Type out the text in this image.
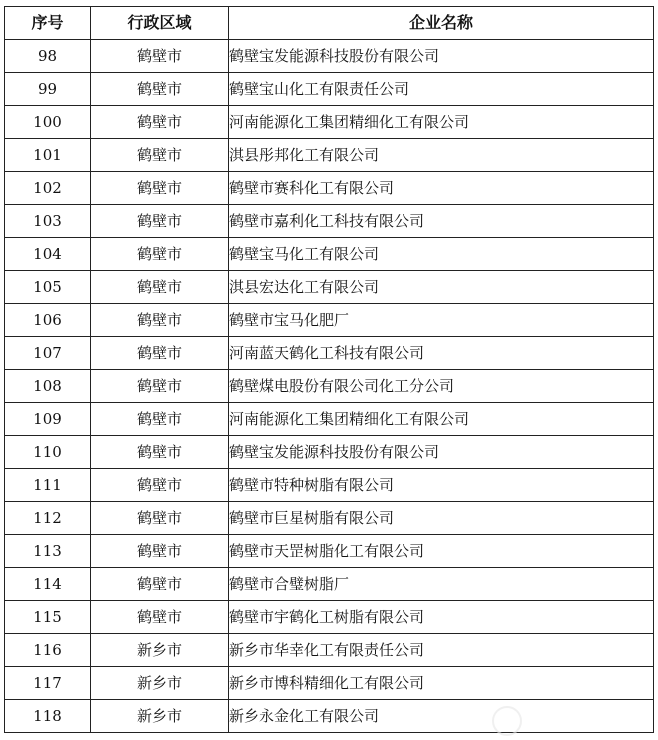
序号	行政区域	企业名称
98	鹤壁市	鹤壁宝发能源科技股份有限公司
99	鹤壁市	鹤壁宝山化工有限责任公司
100	鹤壁市	河南能源化工集团精细化工有限公司
101	鹤壁市	淇县彤邦化工有限公司
102	鹤壁市	鹤壁市赛科化工有限公司
103	鹤壁市	鹤壁市嘉利化工科技有限公司
104	鹤壁市	鹤壁宝马化工有限公司
105	鹤壁市	淇县宏达化工有限公司
106	鹤壁市	鹤壁市宝马化肥厂
107	鹤壁市	河南蓝天鹤化工科技有限公司
108	鹤壁市	鹤壁煤电股份有限公司化工分公司
109	鹤壁市	河南能源化工集团精细化工有限公司
110	鹤壁市	鹤壁宝发能源科技股份有限公司
111	鹤壁市	鹤壁市特种树脂有限公司
112	鹤壁市	鹤壁市巨星树脂有限公司
113	鹤壁市	鹤壁市天罡树脂化工有限公司
114	鹤壁市	鹤壁市合璧树脂厂
115	鹤壁市	鹤壁市宇鹤化工树脂有限公司
116	新乡市	新乡市华幸化工有限责任公司
117	新乡市	新乡市博科精细化工有限公司
118	新乡市	新乡永金化工有限公司
